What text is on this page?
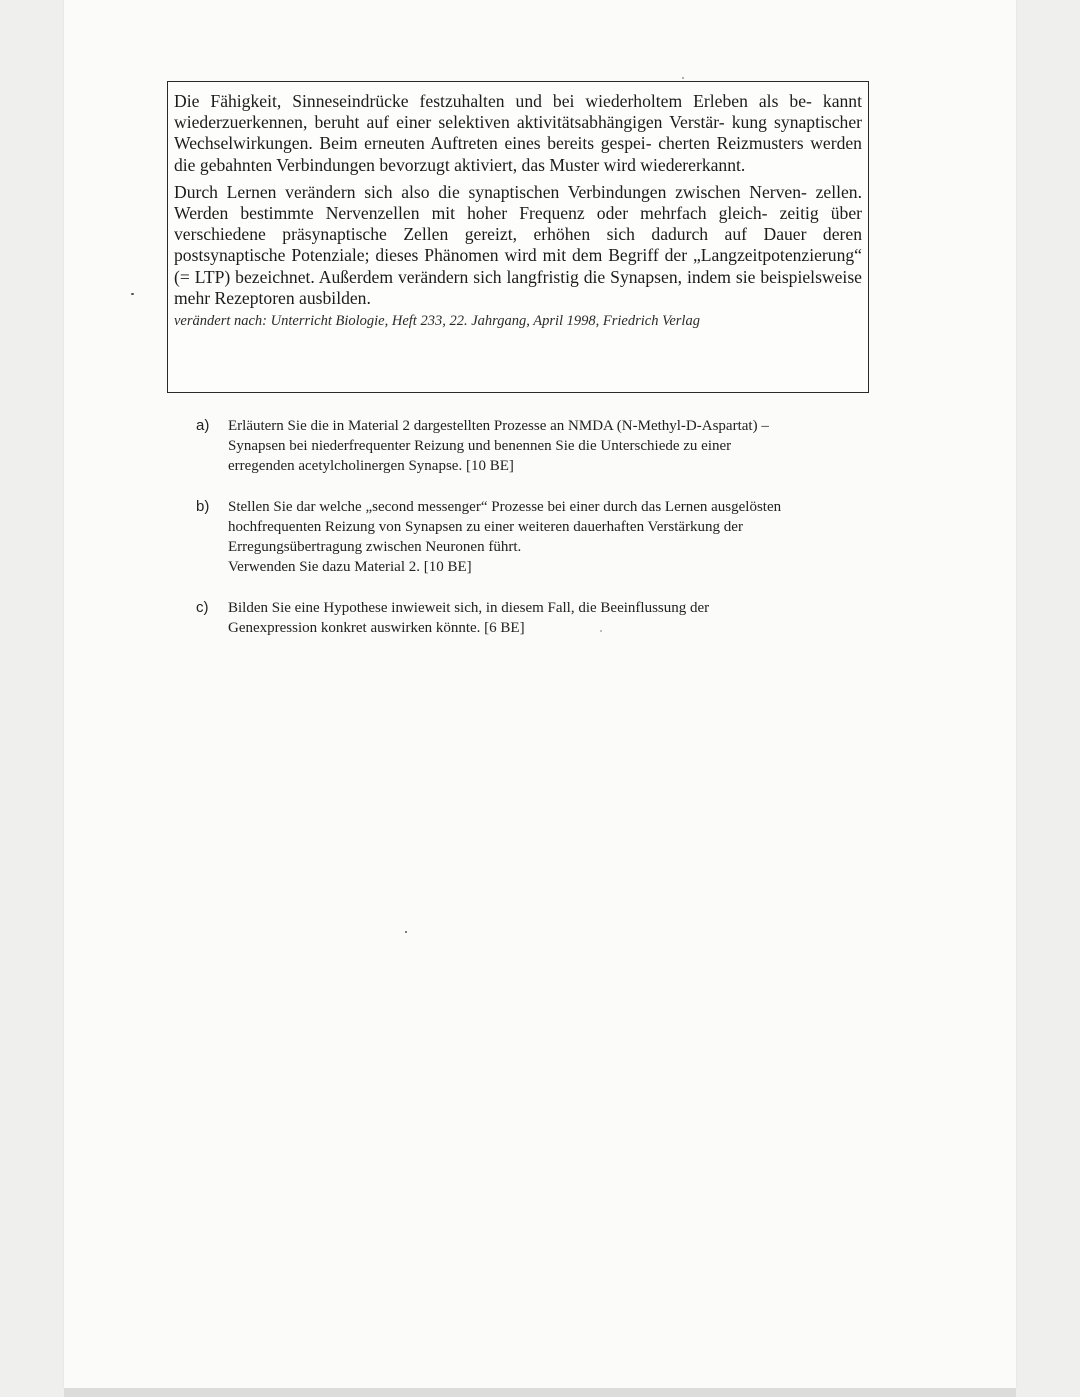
Die Fähigkeit, Sinneseindrücke festzuhalten und bei wiederholtem Erleben als be- kannt wiederzuerkennen, beruht auf einer selektiven aktivitätsabhängigen Verstär- kung synaptischer Wechselwirkungen. Beim erneuten Auftreten eines bereits gespei- cherten Reizmusters werden die gebahnten Verbindungen bevorzugt aktiviert, das Muster wird wiedererkannt.

Durch Lernen verändern sich also die synaptischen Verbindungen zwischen Nerven- zellen. Werden bestimmte Nervenzellen mit hoher Frequenz oder mehrfach gleich- zeitig über verschiedene präsynaptische Zellen gereizt, erhöhen sich dadurch auf Dauer deren postsynaptische Potenziale; dieses Phänomen wird mit dem Begriff der „Langzeitpotenzierung“ (= LTP) bezeichnet. Außerdem verändern sich langfristig die Synapsen, indem sie beispielsweise mehr Rezeptoren ausbilden.

verändert nach: Unterricht Biologie, Heft 233, 22. Jahrgang, April 1998, Friedrich Verlag
a)	Erläutern Sie die in Material 2 dargestellten Prozesse an NMDA (N-Methyl-D-Aspartat) –
Synapsen bei niederfrequenter Reizung und benennen Sie die Unterschiede zu einer
erregenden acetylcholinergen Synapse. [10 BE]
b)	Stellen Sie dar welche „second messenger“ Prozesse bei einer durch das Lernen ausgelösten
hochfrequenten Reizung von Synapsen zu einer weiteren dauerhaften Verstärkung der
Erregungsübertragung zwischen Neuronen führt.
Verwenden Sie dazu Material 2. [10 BE]
c)	Bilden Sie eine Hypothese inwieweit sich, in diesem Fall, die Beeinflussung der
Genexpression konkret auswirken könnte. [6 BE]
